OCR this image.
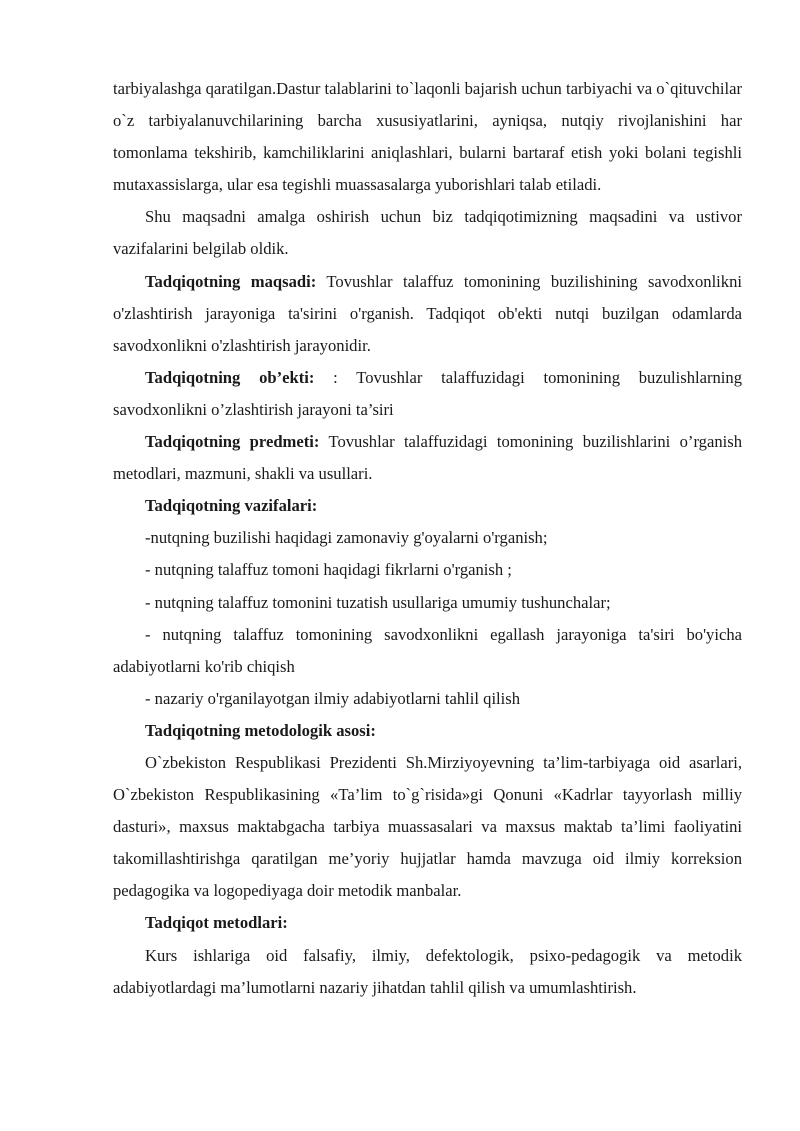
tarbiyalashga qaratilgan.Dastur talablarini to`laqonli bajarish uchun tarbiyachi va o`qituvchilar o`z tarbiyalanuvchilarining barcha xususiyatlarini, ayniqsa, nutqiy rivojlanishini har tomonlama tekshirib, kamchiliklarini aniqlashlari, bularni bartaraf etish yoki bolani tegishli mutaxassislarga, ular esa tegishli muassasalarga yuborishlari talab etiladi.

Shu maqsadni amalga oshirish uchun biz tadqiqotimizning maqsadini va ustivor vazifalarini belgilab oldik.

Tadqiqotning maqsadi: Tovushlar talaffuz tomonining buzilishining savodxonlikni o'zlashtirish jarayoniga ta'sirini o'rganish. Tadqiqot ob'ekti nutqi buzilgan odamlarda savodxonlikni o'zlashtirish jarayonidir.

Tadqiqotning ob’ekti: : Tovushlar talaffuzidagi tomonining buzulishlarning savodxonlikni o’zlashtirish jarayoni ta’siri

Tadqiqotning predmeti: Tovushlar talaffuzidagi tomonining buzilishlarini o’rganish metodlari, mazmuni, shakli va usullari.

Tadqiqotning vazifalari:

-nutqning buzilishi haqidagi zamonaviy g'oyalarni o'rganish;

- nutqning talaffuz tomoni haqidagi fikrlarni o'rganish ;

- nutqning talaffuz tomonini tuzatish usullariga umumiy tushunchalar;

- nutqning talaffuz tomonining savodxonlikni egallash jarayoniga ta'siri bo'yicha adabiyotlarni ko'rib chiqish

- nazariy o'rganilayotgan ilmiy adabiyotlarni tahlil qilish

Tadqiqotning metodologik asosi:

O`zbekiston Respublikasi Prezidenti Sh.Mirziyoyevning ta’lim-tarbiyaga oid asarlari, O`zbekiston Respublikasining «Ta’lim to`g`risida»gi Qonuni «Kadrlar tayyorlash milliy dasturi», maxsus maktabgacha tarbiya muassasalari va maxsus maktab ta’limi faoliyatini takomillashtirishga qaratilgan me’yoriy hujjatlar hamda mavzuga oid ilmiy korreksion pedagogika va logopediyaga doir metodik manbalar.

Tadqiqot metodlari:

Kurs ishlariga oid falsafiy, ilmiy, defektologik, psixo-pedagogik va metodik adabiyotlardagi ma’lumotlarni nazariy jihatdan tahlil qilish va umumlashtirish.
